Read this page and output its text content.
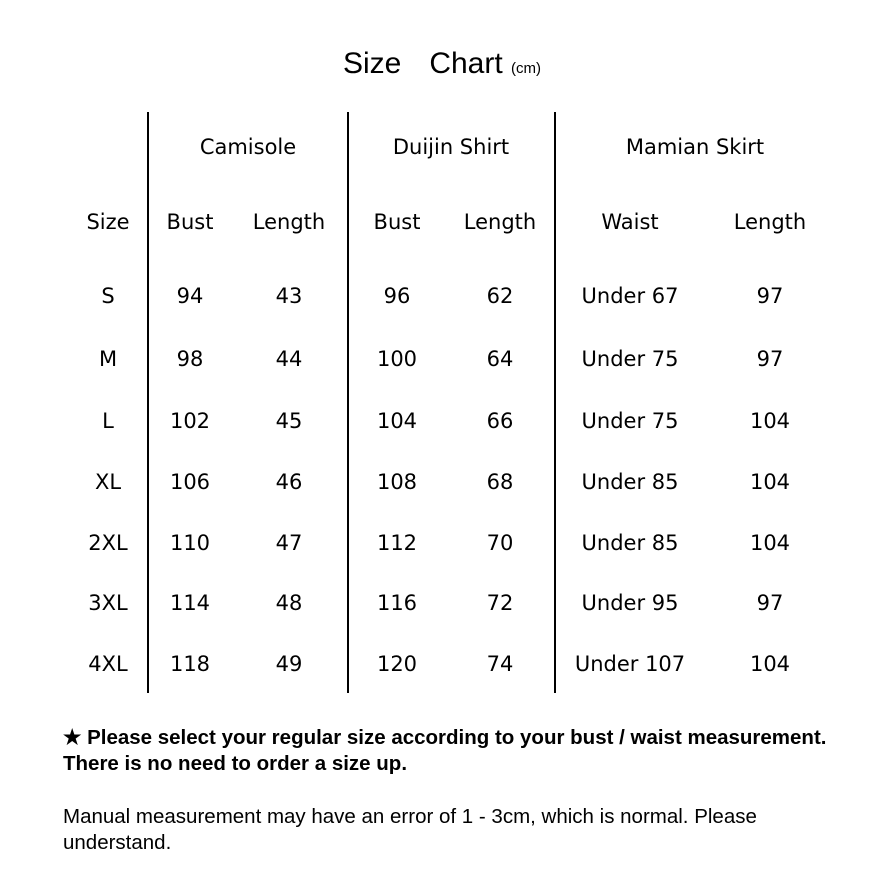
Size Chart (cm)
Camisole	Duijin Shirt	Mamian Skirt
Size Bust Length Bust Length	Waist	Length
S	94	43	96	62	Under 67	97
M	98	44	100	64	Under 75	97
L	102	45	104	66	Under 75	104
XL 106	46	108	68	Under 85	104
2XL 110	47	112	70	Under 85	104
3XL 114	48	116	72	Under 95	97
4XL 118	49	120	74	Under 107	104
★ Please select your regular size according to your bust / waist measurement. There is no need to order a size up.
Manual measurement may have an error of 1 - 3cm, which is normal. Please understand.
